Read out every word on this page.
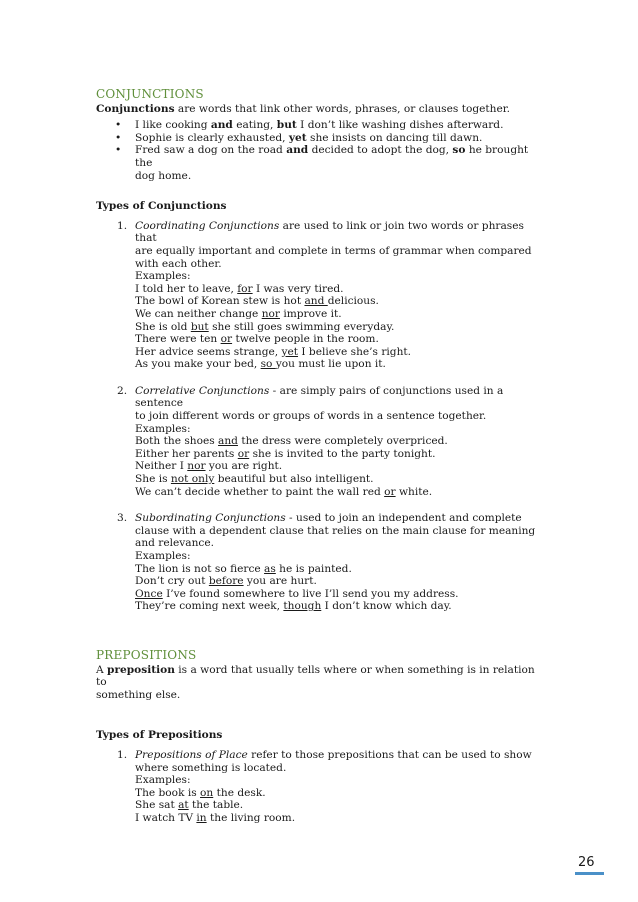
CONJUNCTIONS

Conjunctions are words that link other words, phrases, or clauses together.

• I like cooking and eating, but I don’t like washing dishes afterward.
• Sophie is clearly exhausted, yet she insists on dancing till dawn.
• Fred saw a dog on the road and decided to adopt the dog, so he brought the
dog home.
Types of Conjunctions
1. Coordinating Conjunctions are used to link or join two words or phrases that
are equally important and complete in terms of grammar when compared
with each other.
Examples:
I told her to leave, for I was very tired.
The bowl of Korean stew is hot and delicious.
We can neither change nor improve it.
She is old but she still goes swimming everyday.
There were ten or twelve people in the room.
Her advice seems strange, yet I believe she’s right.
As you make your bed, so you must lie upon it.
2. Correlative Conjunctions - are simply pairs of conjunctions used in a sentence
to join different words or groups of words in a sentence together.
Examples:
Both the shoes and the dress were completely overpriced.
Either her parents or she is invited to the party tonight.
Neither I nor you are right.
She is not only beautiful but also intelligent.
We can’t decide whether to paint the wall red or white.
3. Subordinating Conjunctions - used to join an independent and complete
clause with a dependent clause that relies on the main clause for meaning
and relevance.
Examples:
The lion is not so fierce as he is painted.
Don’t cry out before you are hurt.
Once I’ve found somewhere to live I’ll send you my address.
They’re coming next week, though I don’t know which day.
PREPOSITIONS

A preposition is a word that usually tells where or when something is in relation to
something else.

Types of Prepositions
1. Prepositions of Place refer to those prepositions that can be used to show
where something is located.
Examples:
The book is on the desk.
She sat at the table.
I watch TV in the living room.
26
